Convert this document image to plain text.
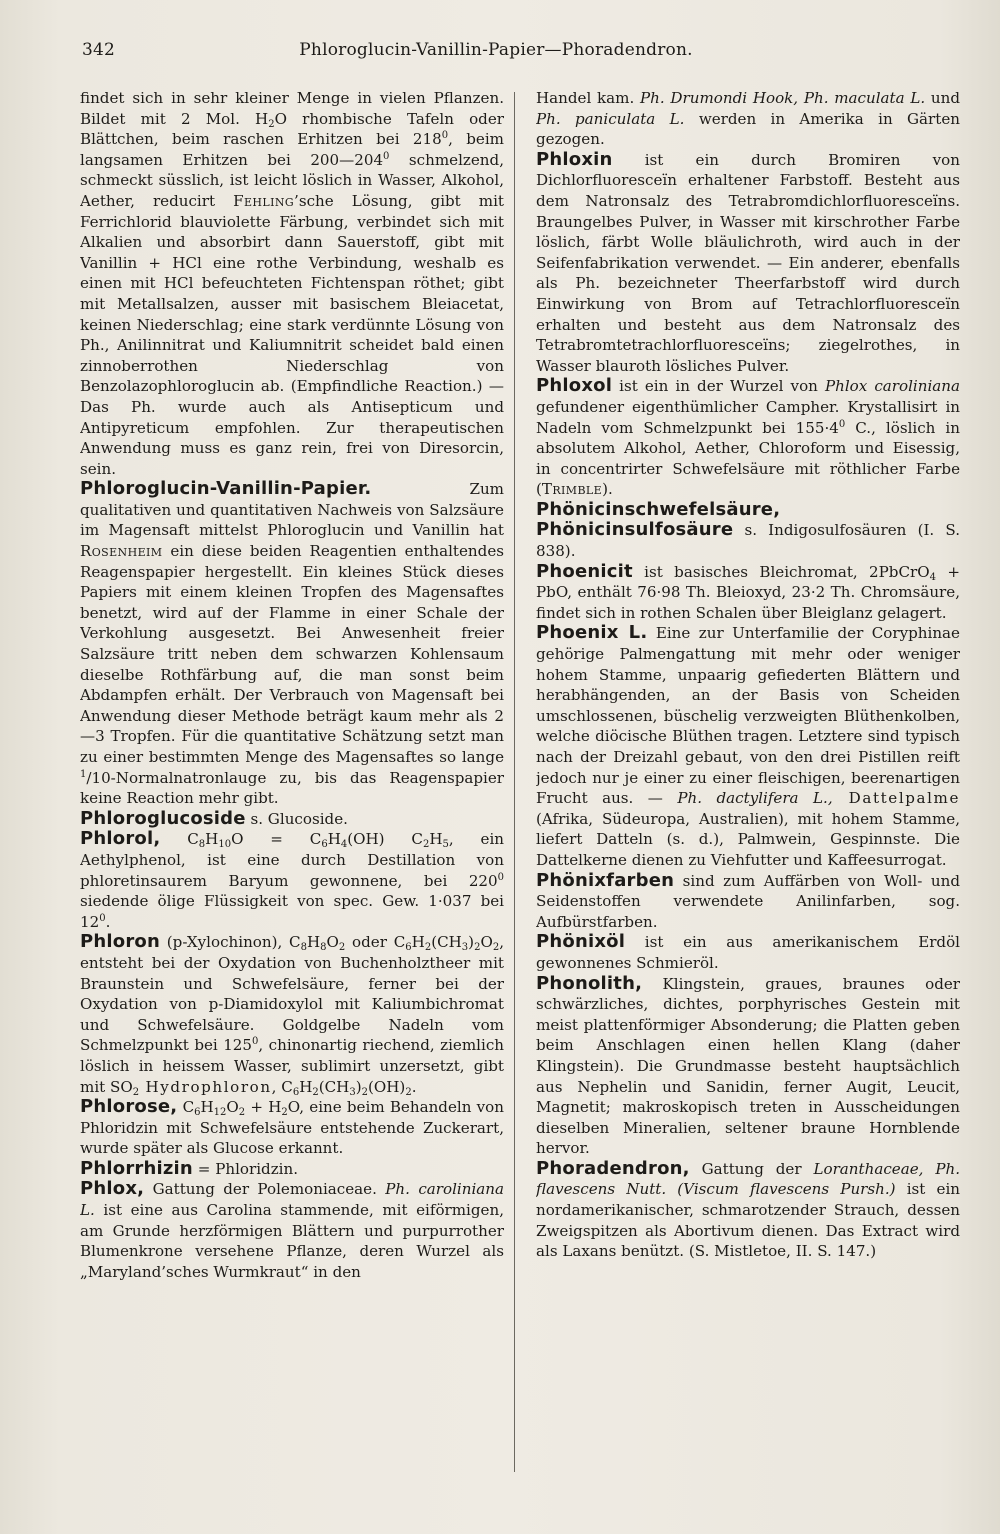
342	Phloroglucin-Vanillin-Papier—Phoradendron.

findet sich in sehr kleiner Menge in vielen Pflanzen. Bildet mit 2 Mol. $H_2O$ rhombische Tafeln oder Blättchen, beim raschen Erhitzen bei $218^0$, beim langsamen Erhitzen bei $200—204^0$ schmelzend, schmeckt süsslich, ist leicht löslich in Wasser, Alkohol, Aether, reducirt Fehling’sche Lösung, gibt mit Ferrichlorid blauviolette Färbung, verbindet sich mit Alkalien und absorbirt dann Sauerstoff, gibt mit Vanillin + HCl eine rothe Verbindung, weshalb es einen mit HCl befeuchteten Fichtenspan röthet; gibt mit Metallsalzen, ausser mit basischem Bleiacetat, keinen Niederschlag; eine stark verdünnte Lösung von Ph., Anilinnitrat und Kaliumnitrit scheidet bald einen zinnoberrothen Niederschlag von Benzolazophloroglucin ab. (Empfindliche Reaction.) — Das Ph. wurde auch als Antisepticum und Antipyreticum empfohlen. Zur therapeutischen Anwendung muss es ganz rein, frei von Diresorcin, sein.

Phloroglucin-Vanillin-Papier. Zum qualitativen und quantitativen Nachweis von Salzsäure im Magensaft mittelst Phloroglucin und Vanillin hat Rosenheim ein diese beiden Reagentien enthaltendes Reagenspapier hergestellt. Ein kleines Stück dieses Papiers mit einem kleinen Tropfen des Magensaftes benetzt, wird auf der Flamme in einer Schale der Verkohlung ausgesetzt. Bei Anwesenheit freier Salzsäure tritt neben dem schwarzen Kohlensaum dieselbe Rothfärbung auf, die man sonst beim Abdampfen erhält. Der Verbrauch von Magensaft bei Anwendung dieser Methode beträgt kaum mehr als 2—3 Tropfen. Für die quantitative Schätzung setzt man zu einer bestimmten Menge des Magensaftes so lange $^1$/10-Normalnatronlauge zu, bis das Reagenspapier keine Reaction mehr gibt.

Phloroglucoside s. Glucoside.

Phlorol, $C_8H_{10}O = C_6H_4(OH)$ $C_2H_5$, ein Aethylphenol, ist eine durch Destillation von phloretinsaurem Baryum gewonnene, bei $220^0$ siedende ölige Flüssigkeit von spec. Gew. 1·037 bei $12^0$.

Phloron (p-Xylochinon), $C_8H_8O_2$ oder $C_6H_2(CH_3)_2O_2$, entsteht bei der Oxydation von Buchenholztheer mit Braunstein und Schwefelsäure, ferner bei der Oxydation von p-Diamidoxylol mit Kaliumbichromat und Schwefelsäure. Goldgelbe Nadeln vom Schmelzpunkt bei $125^0$, chinonartig riechend, ziemlich löslich in heissem Wasser, sublimirt unzersetzt, gibt mit $SO_2$ Hydrophloron, $C_6H_2(CH_3)_2(OH)_2$.

Phlorose, $C_6H_{12}O_2 + H_2O$, eine beim Behandeln von Phloridzin mit Schwefelsäure entstehende Zuckerart, wurde später als Glucose erkannt.

Phlorrhizin = Phloridzin.

Phlox, Gattung der Polemoniaceae. Ph. caroliniana L. ist eine aus Carolina stammende, mit eiförmigen, am Grunde herzförmigen Blättern und purpurrother Blumenkrone versehene Pflanze, deren Wurzel als „Maryland’sches Wurmkraut“ in den

Handel kam. Ph. Drumondi Hook, Ph. maculata L. und Ph. paniculata L. werden in Amerika in Gärten gezogen.

Phloxin ist ein durch Bromiren von Dichlorfluoresceïn erhaltener Farbstoff. Besteht aus dem Natronsalz des Tetrabromdichlorfluoresceïns. Braungelbes Pulver, in Wasser mit kirschrother Farbe löslich, färbt Wolle bläulichroth, wird auch in der Seifenfabrikation verwendet. — Ein anderer, ebenfalls als Ph. bezeichneter Theerfarbstoff wird durch Einwirkung von Brom auf Tetrachlorfluoresceïn erhalten und besteht aus dem Natronsalz des Tetrabromtetrachlorfluoresceïns; ziegelrothes, in Wasser blauroth lösliches Pulver.

Phloxol ist ein in der Wurzel von Phlox caroliniana gefundener eigenthümlicher Campher. Krystallisirt in Nadeln vom Schmelzpunkt bei $155\cdot 4^0$ C., löslich in absolutem Alkohol, Aether, Chloroform und Eisessig, in concentrirter Schwefelsäure mit röthlicher Farbe (Trimble).

Phönicinschwefelsäure, Phönicinsulfosäure s. Indigosulfosäuren (I. S. 838).

Phoenicit ist basisches Bleichromat, 2PbCrO$_4$ + PbO, enthält 76·98 Th. Bleioxyd, 23·2 Th. Chromsäure, findet sich in rothen Schalen über Bleiglanz gelagert.

Phoenix L. Eine zur Unterfamilie der Coryphinae gehörige Palmengattung mit mehr oder weniger hohem Stamme, unpaarig gefiederten Blättern und herabhängenden, an der Basis von Scheiden umschlossenen, büschelig verzweigten Blüthenkolben, welche diöcische Blüthen tragen. Letztere sind typisch nach der Dreizahl gebaut, von den drei Pistillen reift jedoch nur je einer zu einer fleischigen, beerenartigen Frucht aus. — Ph. dactylifera L., Dattelpalme (Afrika, Südeuropa, Australien), mit hohem Stamme, liefert Datteln (s. d.), Palmwein, Gespinnste. Die Dattelkerne dienen zu Viehfutter und Kaffeesurrogat.

Phönixfarben sind zum Auffärben von Woll- und Seidenstoffen verwendete Anilinfarben, sog. Aufbürstfarben.

Phönixöl ist ein aus amerikanischem Erdöl gewonnenes Schmieröl.

Phonolith, Klingstein, graues, braunes oder schwärzliches, dichtes, porphyrisches Gestein mit meist plattenförmiger Absonderung; die Platten geben beim Anschlagen einen hellen Klang (daher Klingstein). Die Grundmasse besteht hauptsächlich aus Nephelin und Sanidin, ferner Augit, Leucit, Magnetit; makroskopisch treten in Ausscheidungen dieselben Mineralien, seltener braune Hornblende hervor.

Phoradendron, Gattung der Loranthaceae, Ph. flavescens Nutt. (Viscum flavescens Pursh.) ist ein nordamerikanischer, schmarotzender Strauch, dessen Zweigspitzen als Abortivum dienen. Das Extract wird als Laxans benützt. (S. Mistletoe, II. S. 147.)
